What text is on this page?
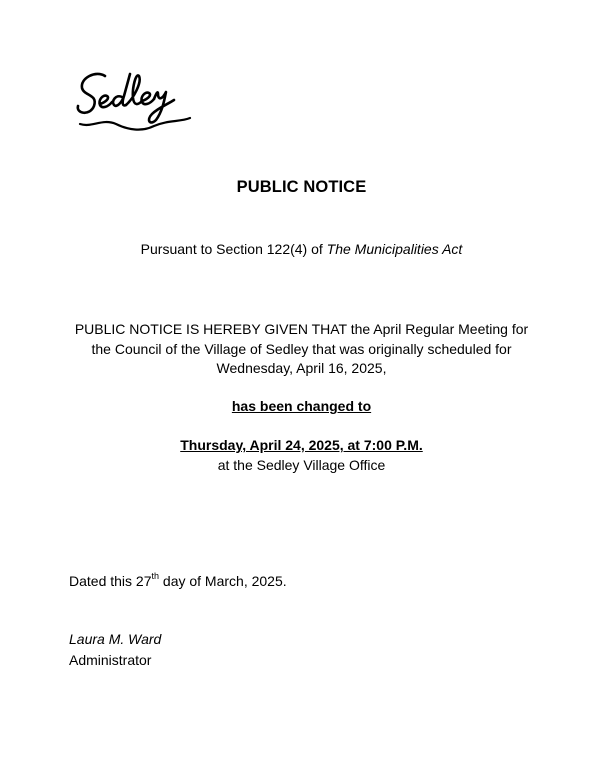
PUBLIC NOTICE
Pursuant to Section 122(4) of The Municipalities Act
PUBLIC NOTICE IS HEREBY GIVEN THAT the April Regular Meeting for the Council of the Village of Sedley that was originally scheduled for Wednesday, April 16, 2025,
has been changed to
Thursday, April 24, 2025, at 7:00 P.M.
at the Sedley Village Office
Dated this 27th day of March, 2025.
Laura M. Ward
Administrator
